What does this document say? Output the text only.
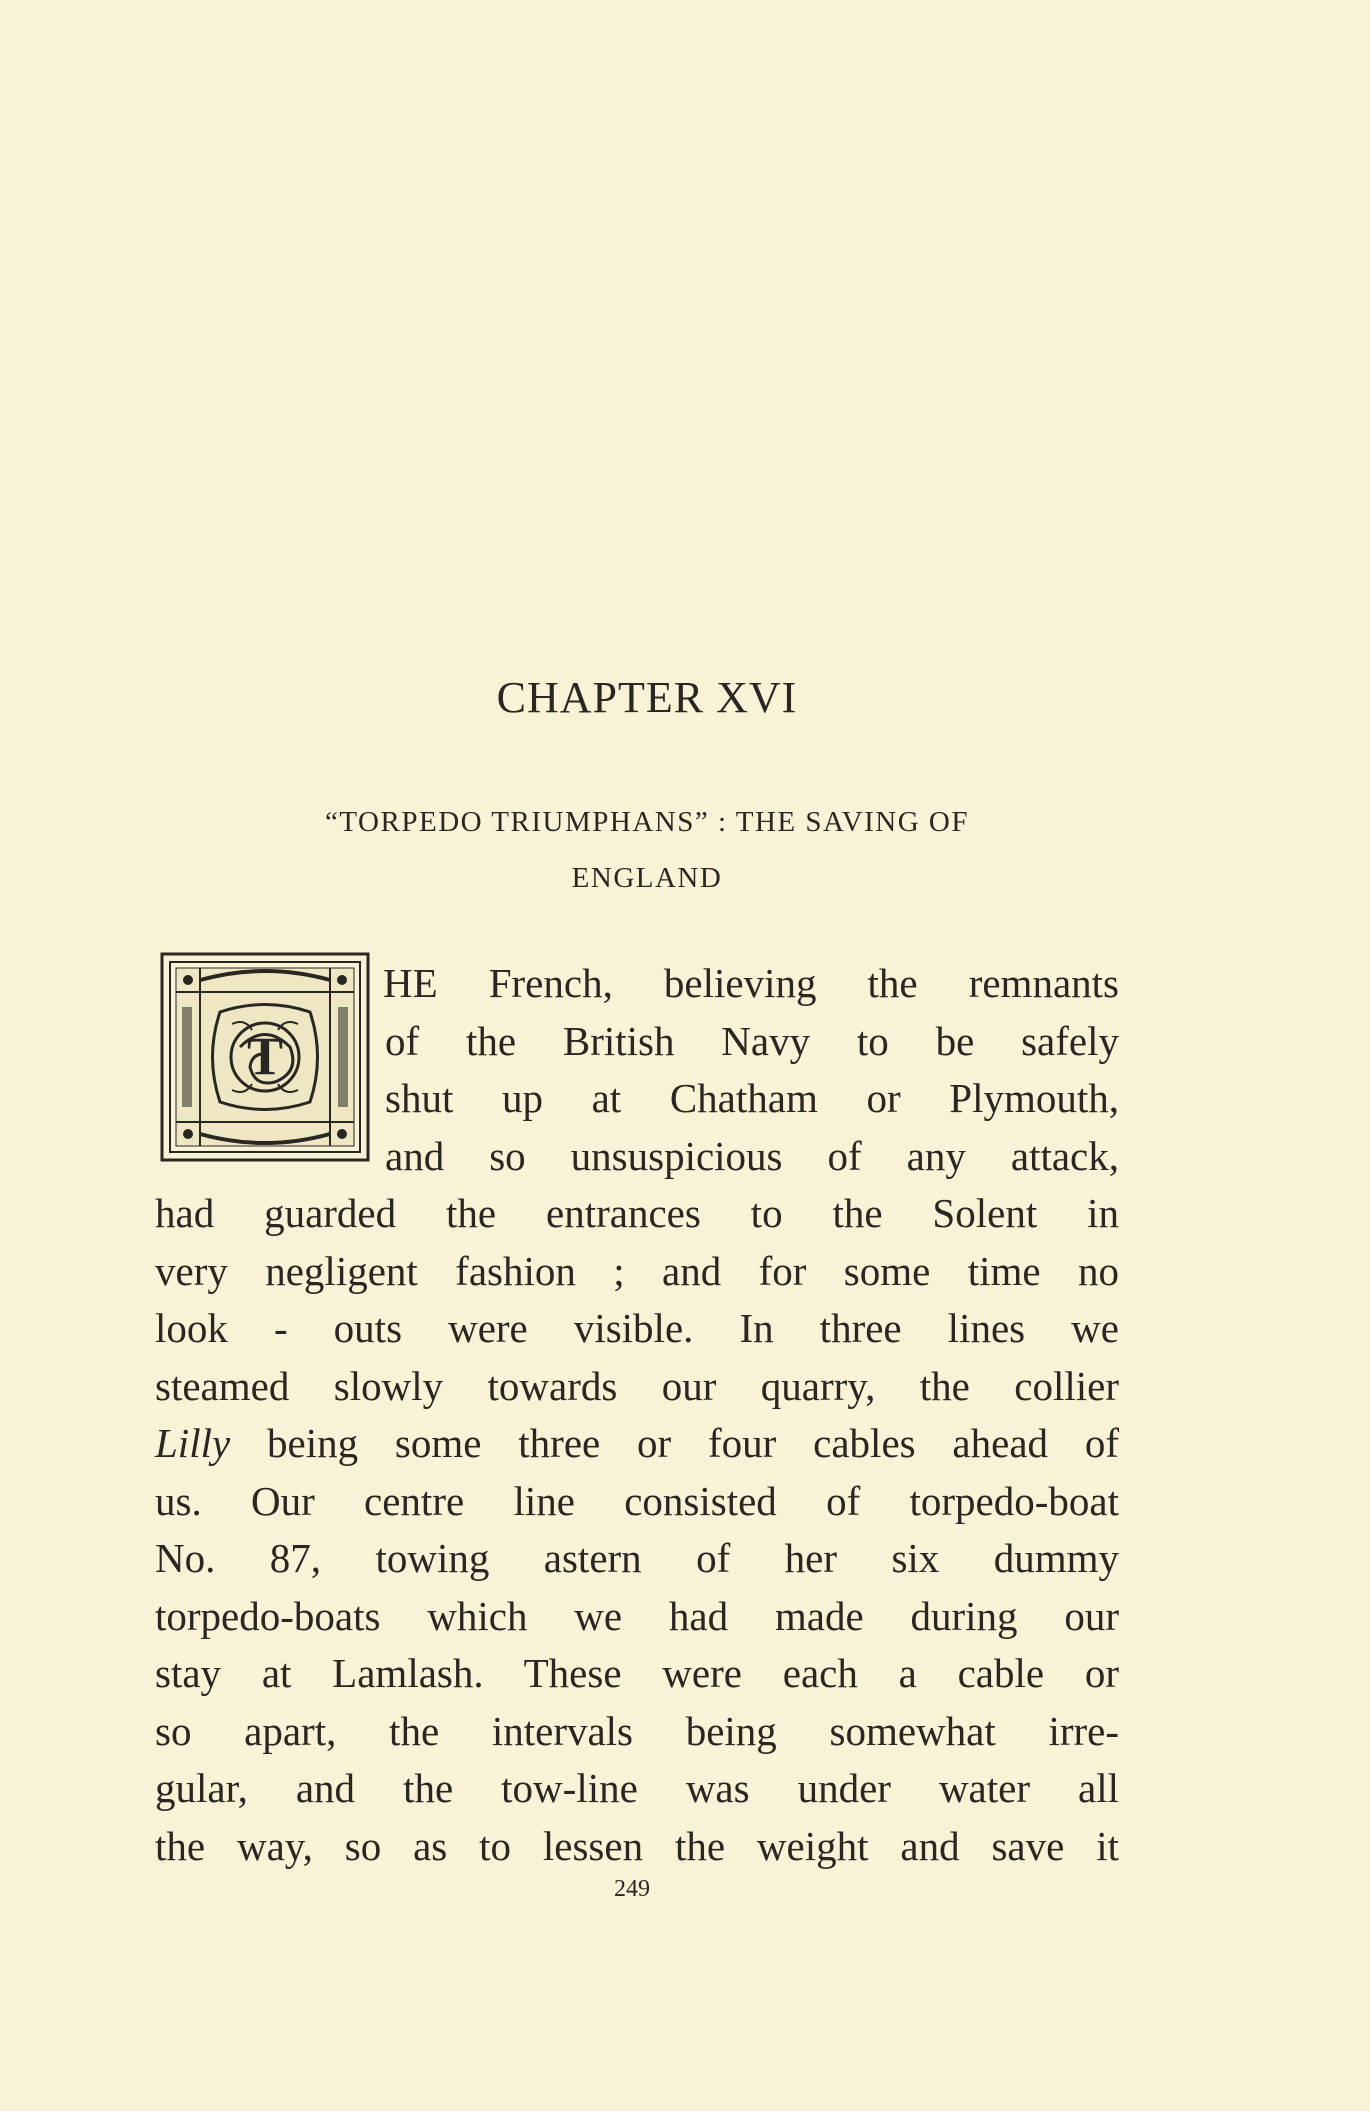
CHAPTER XVI
“TORPEDO TRIUMPHANS” : THE SAVING OF
ENGLAND
T
HE French, believing the remnants
of the British Navy to be safely
shut up at Chatham or Plymouth,
and so unsuspicious of any attack,
had guarded the entrances to the Solent in
very negligent fashion ; and for some time no
look - outs were visible. In three lines we
steamed slowly towards our quarry, the collier
Lilly being some three or four cables ahead of
us. Our centre line consisted of torpedo-boat
No. 87, towing astern of her six dummy
torpedo-boats which we had made during our
stay at Lamlash. These were each a cable or
so apart, the intervals being somewhat irre-
gular, and the tow-line was under water all
the way, so as to lessen the weight and save it
249
